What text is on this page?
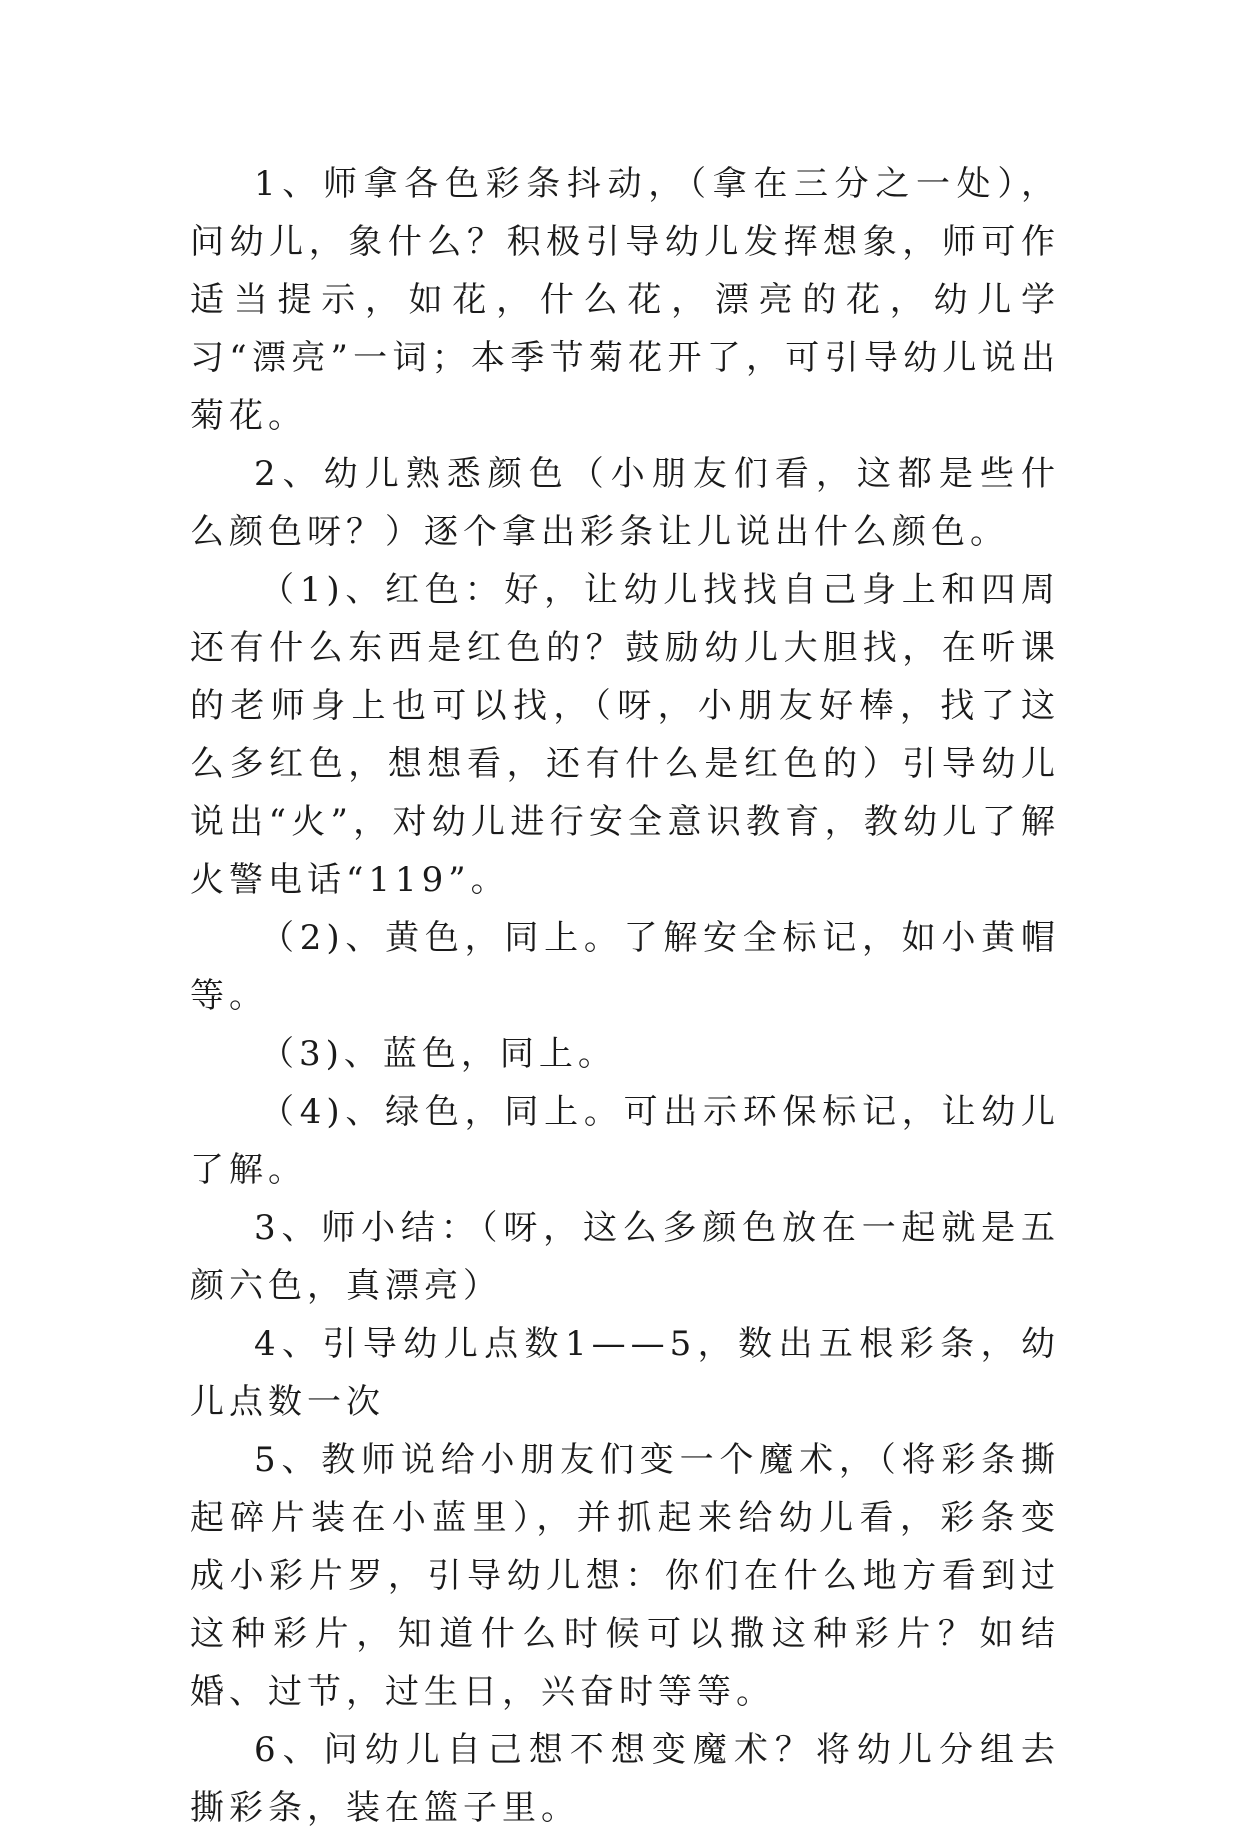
1、师拿各色彩条抖动，（拿在三分之一处），问幼儿，象什么？积极引导幼儿发挥想象，师可作适当提示，如花，什么花，漂亮的花，幼儿学习“漂亮”一词；本季节菊花开了，可引导幼儿说出菊花。

2、幼儿熟悉颜色（小朋友们看，这都是些什么颜色呀？）逐个拿出彩条让儿说出什么颜色。

（1)、红色：好，让幼儿找找自己身上和四周还有什么东西是红色的？鼓励幼儿大胆找，在听课的老师身上也可以找，（呀，小朋友好棒，找了这么多红色，想想看，还有什么是红色的）引导幼儿说出“火”，对幼儿进行安全意识教育，教幼儿了解火警电话“119”。

（2)、黄色，同上。了解安全标记，如小黄帽等。

（3)、蓝色，同上。

（4)、绿色，同上。可出示环保标记，让幼儿了解。

3、师小结：（呀，这么多颜色放在一起就是五颜六色，真漂亮）

4、引导幼儿点数1——5，数出五根彩条，幼儿点数一次

5、教师说给小朋友们变一个魔术，（将彩条撕起碎片装在小蓝里），并抓起来给幼儿看，彩条变成小彩片罗，引导幼儿想：你们在什么地方看到过这种彩片，知道什么时候可以撒这种彩片？如结婚、过节，过生日，兴奋时等等。

6、问幼儿自己想不想变魔术？将幼儿分组去撕彩条，装在篮子里。
